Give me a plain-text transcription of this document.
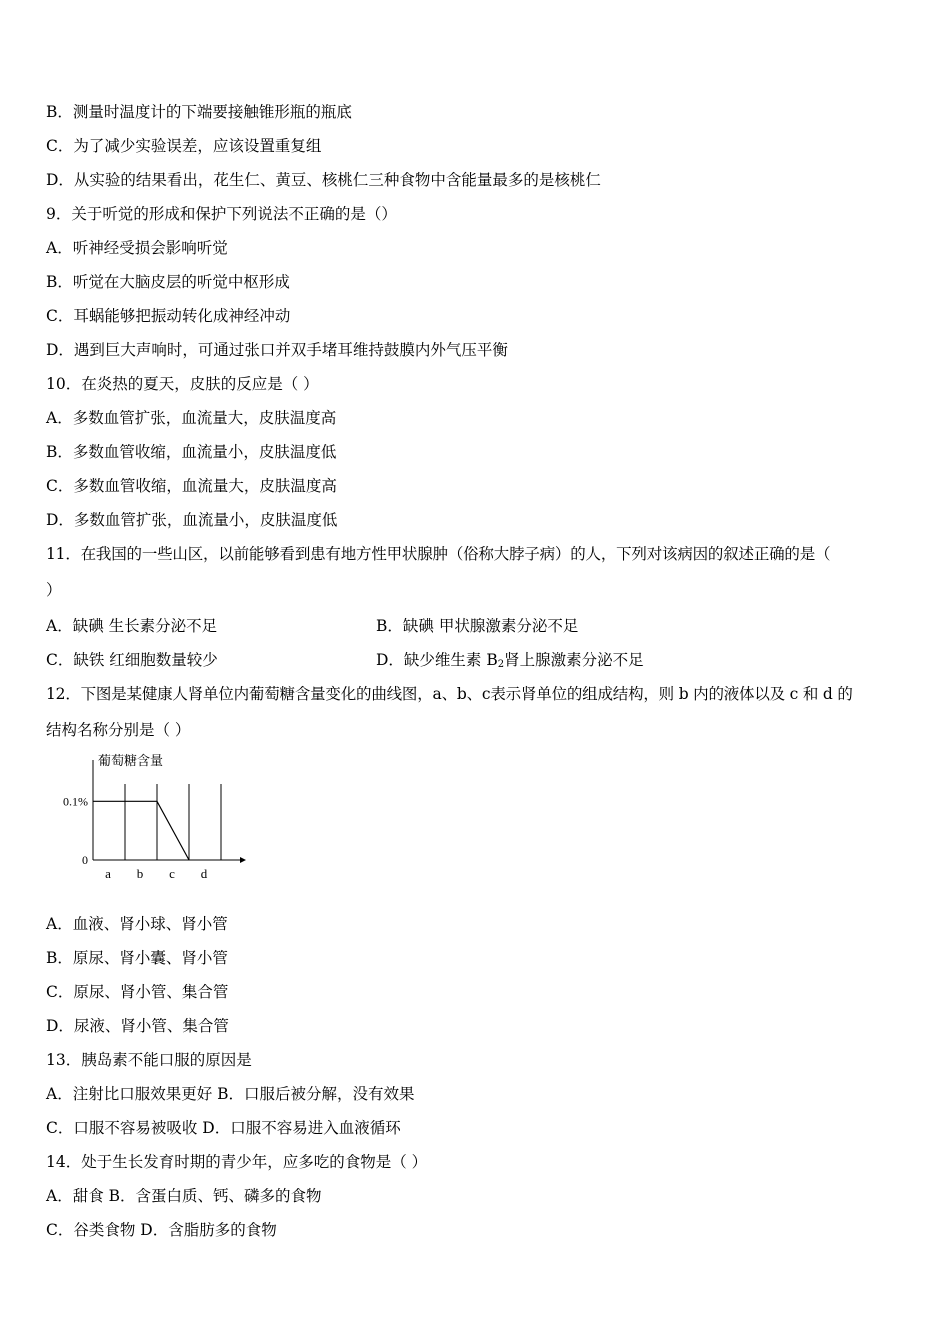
B．测量时温度计的下端要接触锥形瓶的瓶底
C．为了减少实验误差，应该设置重复组
D．从实验的结果看出，花生仁、黄豆、核桃仁三种食物中含能量最多的是核桃仁
9．关于听觉的形成和保护下列说法不正确的是（）
A．听神经受损会影响听觉
B．听觉在大脑皮层的听觉中枢形成
C．耳蜗能够把振动转化成神经冲动
D．遇到巨大声响时，可通过张口并双手堵耳维持鼓膜内外气压平衡
10．在炎热的夏天，皮肤的反应是（ ）
A．多数血管扩张，血流量大，皮肤温度高
B．多数血管收缩，血流量小，皮肤温度低
C．多数血管收缩，血流量大，皮肤温度高
D．多数血管扩张，血流量小，皮肤温度低
11．在我国的一些山区，以前能够看到患有地方性甲状腺肿（俗称大脖子病）的人，下列对该病因的叙述正确的是（
）
A．缺碘 生长素分泌不足	B．缺碘 甲状腺激素分泌不足
C．缺铁 红细胞数量较少	D．缺少维生素 $B_2$肾上腺激素分泌不足
12．下图是某健康人肾单位内葡萄糖含量变化的曲线图，a、b、c表示肾单位的组成结构，则 b 内的液体以及 c 和 d 的
结构名称分别是（ ）
葡萄糖含量
0.1%
0
a b c d
A．血液、肾小球、肾小管
B．原尿、肾小囊、肾小管
C．原尿、肾小管、集合管
D．尿液、肾小管、集合管
13．胰岛素不能口服的原因是
A．注射比口服效果更好 B．口服后被分解，没有效果
C．口服不容易被吸收 D．口服不容易进入血液循环
14．处于生长发育时期的青少年，应多吃的食物是（ ）
A．甜食 B．含蛋白质、钙、磷多的食物
C．谷类食物 D．含脂肪多的食物
